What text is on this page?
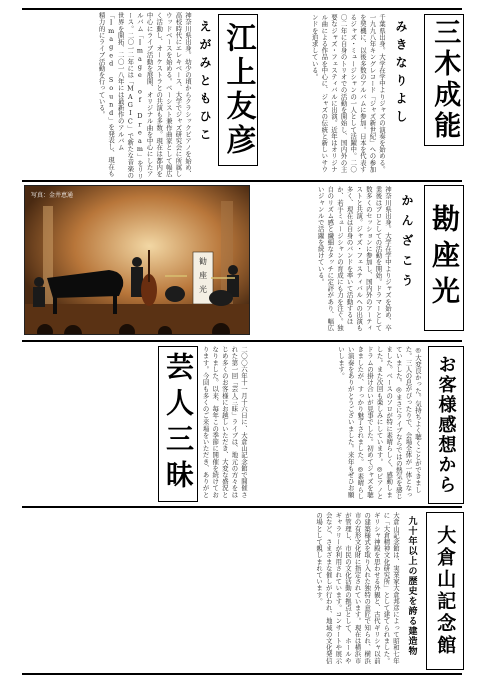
三木成能
みきなりよし
千葉県出身。大学在学中よりジャズの演奏を始める。一九九八年キングレコード「ジャズ新世紀」への参加を契機に、以後多数のアルバムに参加。日本を代表するジャズ・ミュージシャンの一人として活躍中。二〇〇二年に自身のトリオでの活動を開始し、国内外の主要なジャズ・フェスティバルに出演。近年はオリジナル曲による作品を中心に、ジャズの伝統と新しいサウンドを追求している。
江上友彦
えがみともひこ
神奈川県出身。幼少の頃からクラシックピアノを始め、高校時代にエレキベース、大学でジャズ研究会に所属しウッドベースを始める。ベーシスト兼作曲家として幅広く活動し、オーケストラとの共演も多数。現在は都内を中心にライブ活動を展開、オリジナル曲を中心にしたアルバム「Image of Dream」をリリース。二〇一二年には「MAGIC」で新たな音楽の世界を開拓、二〇一八年には最新作のアルバム「Imaged Sound」を発表し、現在も精力的にライブ活動を行っている。
写真：金井恵通
勧
座
光	勘座光
かんざこう
神奈川県出身。大学在学中よりジャズを始め、卒業後はプロとしての活動を開始。ドラマーとして数多くのセッションに参加し、国内外のアーティストと共演。ジャズ・フェスティバルへの出演も多く、現在は自身のバンドを率いて活動するほか、若手ミュージシャンの育成にも力を注ぐ。独自のリズム感と繊細なタッチに定評があり、幅広いジャンルで活躍を続けている。
お客様感想から
◎大変良かった。気持ちよく聴くことができました。三人の息がぴったりで、会場全体が一体となっていました。◎まさにライブならではの熱気を感じました。ベースのソロが特に素晴らしく、感動しました。また次回も楽しみにしています。◎ピアノとドラムの掛け合いが見事でした。初めてジャズを聴きましたが、すっかり魅了されました。◎素晴らしい演奏をありがとうございました。来年もぜひお願いします。
芸人三昧
二〇〇六年十一月十六日に、大倉山記念館で開催された第一回「芸人三昧」ライブは、地元の方々をはじめ多くのお客様にお越しいただき、大変な盛況となりました。以来、毎年この季節に開催を続けております。今回も多くのご来場をいただき、ありがと
大倉山記念館
九十年以上の歴史を誇る建造物
大倉山記念館は、実業家大倉邦彦によって昭和七年に「大倉精神文化研究所」として建てられました。ギリシャ神殿を思わせる外観と、古代ギリシャ以前の建築様式を取り入れた独特の意匠で知られ、横浜市の有形文化財に指定されています。現在は横浜市が管理し、市民の文化活動の拠点として、ホールやギャラリーが利用されています。コンサートや展示会など、さまざまな催しが行われ、地域の文化発信の場として親しまれています。
